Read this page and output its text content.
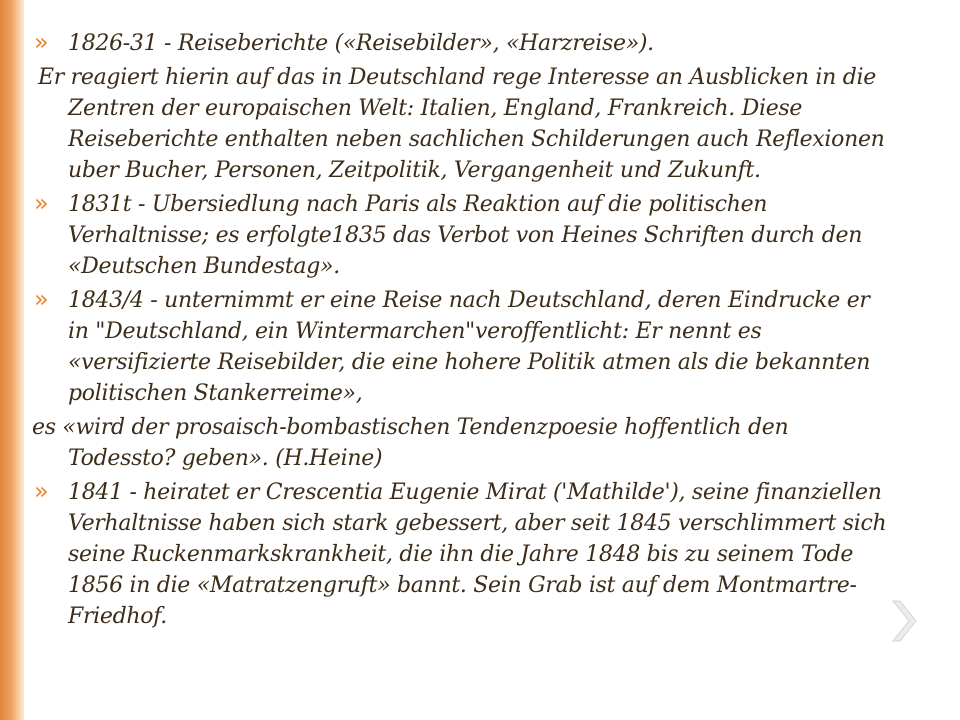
» 1826-31 - Reiseberichte («Reisebilder», «Harzreise»).

Er reagiert hierin auf das in Deutschland rege Interesse an Ausblicken in die Zentren der europaischen Welt: Italien, England, Frankreich. Diese Reiseberichte enthalten neben sachlichen Schilderungen auch Reflexionen uber Bucher, Personen, Zeitpolitik, Vergangenheit und Zukunft.

» 1831t - Ubersiedlung nach Paris als Reaktion auf die politischen Verhaltnisse; es erfolgte1835 das Verbot von Heines Schriften durch den «Deutschen Bundestag».

» 1843/4 - unternimmt er eine Reise nach Deutschland, deren Eindrucke er in "Deutschland, ein Wintermarchen"veroffentlicht: Er nennt es «versifizierte Reisebilder, die eine hohere Politik atmen als die bekannten politischen Stankerreime»,

es «wird der prosaisch-bombastischen Tendenzpoesie hoffentlich den Todessto? geben». (H.Heine)

» 1841 - heiratet er Crescentia Eugenie Mirat ('Mathilde'), seine finanziellen Verhaltnisse haben sich stark gebessert, aber seit 1845 verschlimmert sich seine Ruckenmarkskrankheit, die ihn die Jahre 1848 bis zu seinem Tode 1856 in die «Matratzengruft» bannt. Sein Grab ist auf dem Montmartre-Friedhof.
